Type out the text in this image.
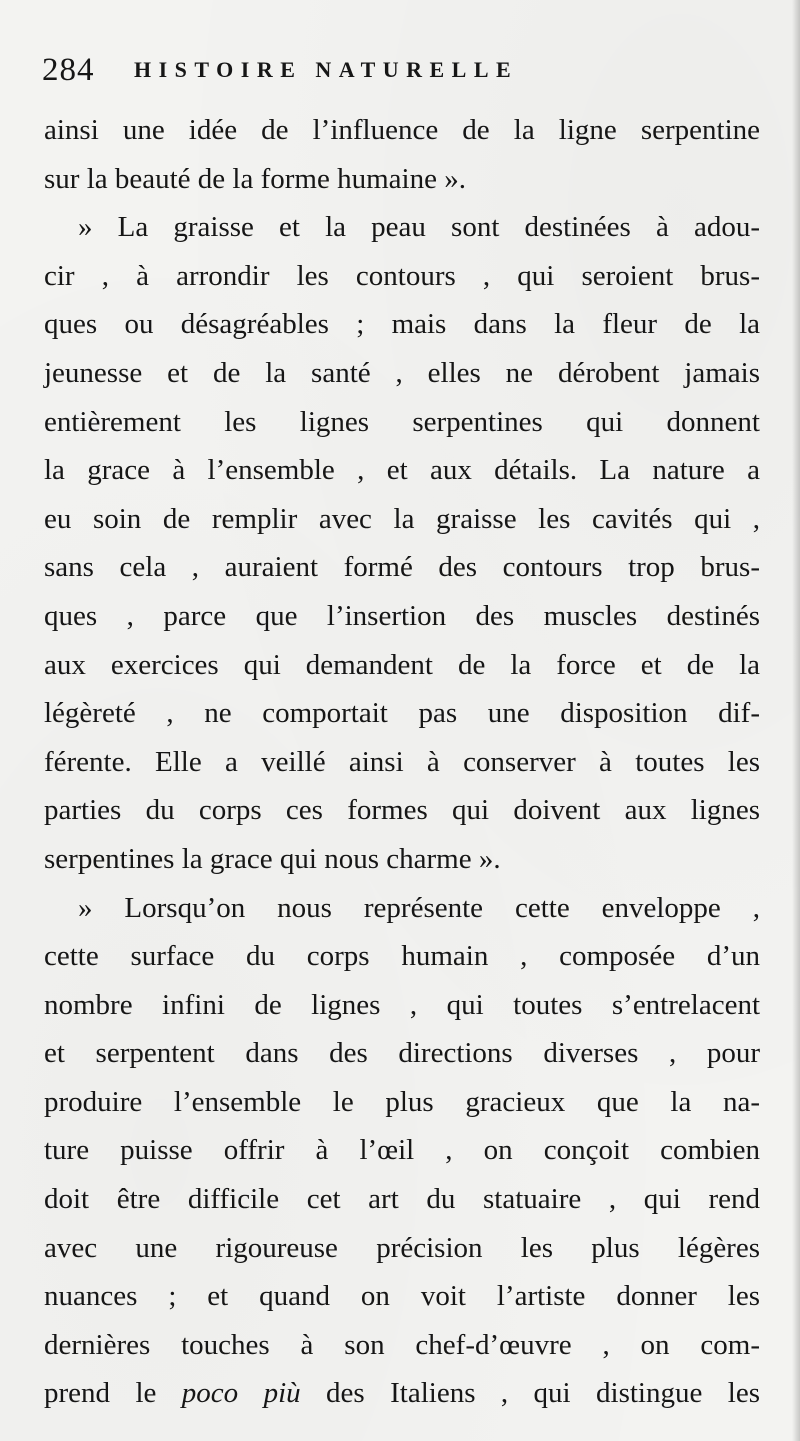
284 HISTOIRE NATURELLE
ainsi une idée de l’influence de la ligne serpentine
sur la beauté de la forme humaine ».
» La graisse et la peau sont destinées à adou-
cir , à arrondir les contours , qui seroient brus-
ques ou désagréables ; mais dans la fleur de la
jeunesse et de la santé , elles ne dérobent jamais
entièrement les lignes serpentines qui donnent
la grace à l’ensemble , et aux détails. La nature a
eu soin de remplir avec la graisse les cavités qui ,
sans cela , auraient formé des contours trop brus-
ques , parce que l’insertion des muscles destinés
aux exercices qui demandent de la force et de la
légèreté , ne comportait pas une disposition dif-
férente. Elle a veillé ainsi à conserver à toutes les
parties du corps ces formes qui doivent aux lignes
serpentines la grace qui nous charme ».
» Lorsqu’on nous représente cette enveloppe ,
cette surface du corps humain , composée d’un
nombre infini de lignes , qui toutes s’entrelacent
et serpentent dans des directions diverses , pour
produire l’ensemble le plus gracieux que la na-
ture puisse offrir à l’œil , on conçoit combien
doit être difficile cet art du statuaire , qui rend
avec une rigoureuse précision les plus légères
nuances ; et quand on voit l’artiste donner les
dernières touches à son chef-d’œuvre , on com-
prend le poco più des Italiens , qui distingue les
